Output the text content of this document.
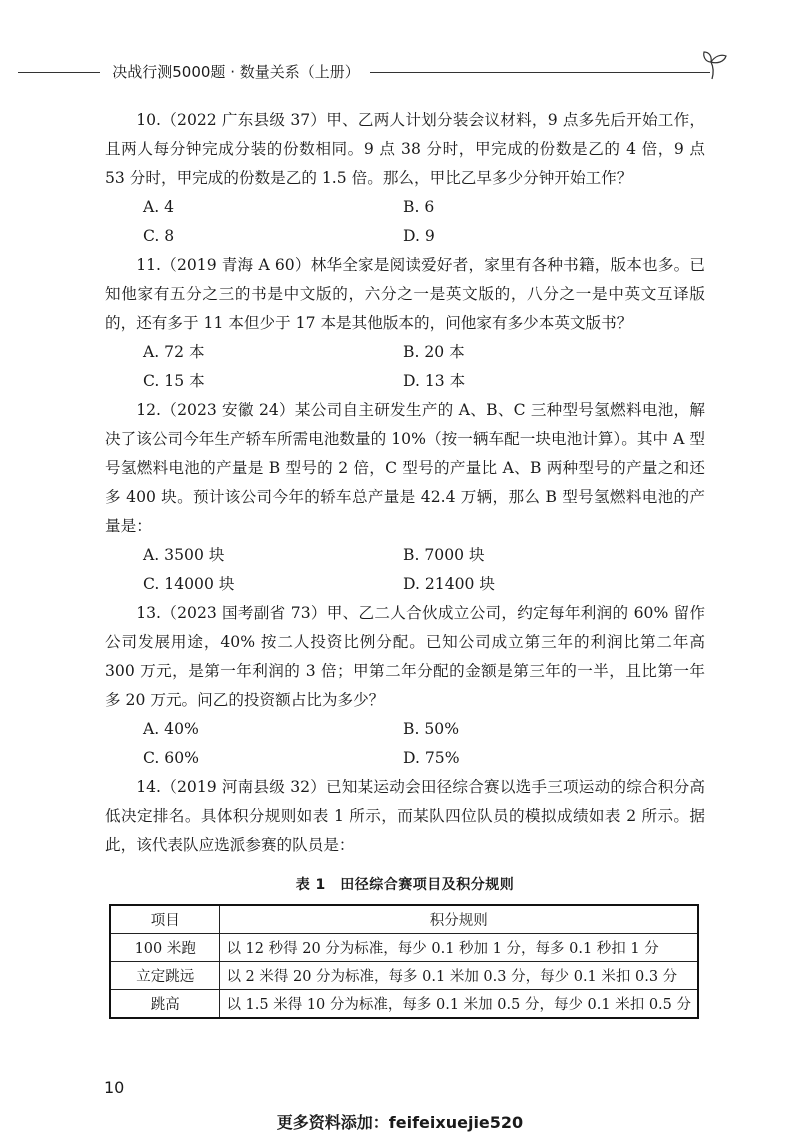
决战行测5000题 · 数量关系（上册）

10.（2022 广东县级 37）甲、乙两人计划分装会议材料，9 点多先后开始工作，且两人每分钟完成分装的份数相同。9 点 38 分时，甲完成的份数是乙的 4 倍，9 点 53 分时，甲完成的份数是乙的 1.5 倍。那么，甲比乙早多少分钟开始工作？

A. 4	B. 6
C. 8	D. 9

11.（2019 青海 A 60）林华全家是阅读爱好者，家里有各种书籍，版本也多。已知他家有五分之三的书是中文版的，六分之一是英文版的，八分之一是中英文互译版的，还有多于 11 本但少于 17 本是其他版本的，问他家有多少本英文版书？

A. 72 本	B. 20 本
C. 15 本	D. 13 本

12.（2023 安徽 24）某公司自主研发生产的 A、B、C 三种型号氢燃料电池，解决了该公司今年生产轿车所需电池数量的 10%（按一辆车配一块电池计算）。其中 A 型号氢燃料电池的产量是 B 型号的 2 倍，C 型号的产量比 A、B 两种型号的产量之和还多 400 块。预计该公司今年的轿车总产量是 42.4 万辆，那么 B 型号氢燃料电池的产量是：

A. 3500 块	B. 7000 块
C. 14000 块	D. 21400 块

13.（2023 国考副省 73）甲、乙二人合伙成立公司，约定每年利润的 60% 留作公司发展用途，40% 按二人投资比例分配。已知公司成立第三年的利润比第二年高 300 万元，是第一年利润的 3 倍；甲第二年分配的金额是第三年的一半，且比第一年多 20 万元。问乙的投资额占比为多少？

A. 40%	B. 50%
C. 60%	D. 75%

14.（2019 河南县级 32）已知某运动会田径综合赛以选手三项运动的综合积分高低决定排名。具体积分规则如表 1 所示，而某队四位队员的模拟成绩如表 2 所示。据此，该代表队应选派参赛的队员是：

表 1　田径综合赛项目及积分规则
项目	积分规则
100 米跑	以 12 秒得 20 分为标准，每少 0.1 秒加 1 分，每多 0.1 秒扣 1 分
立定跳远	以 2 米得 20 分为标准，每多 0.1 米加 0.3 分，每少 0.1 米扣 0.3 分
跳高	以 1.5 米得 10 分为标准，每多 0.1 米加 0.5 分，每少 0.1 米扣 0.5 分
10
更多资料添加：feifeixuejie520
